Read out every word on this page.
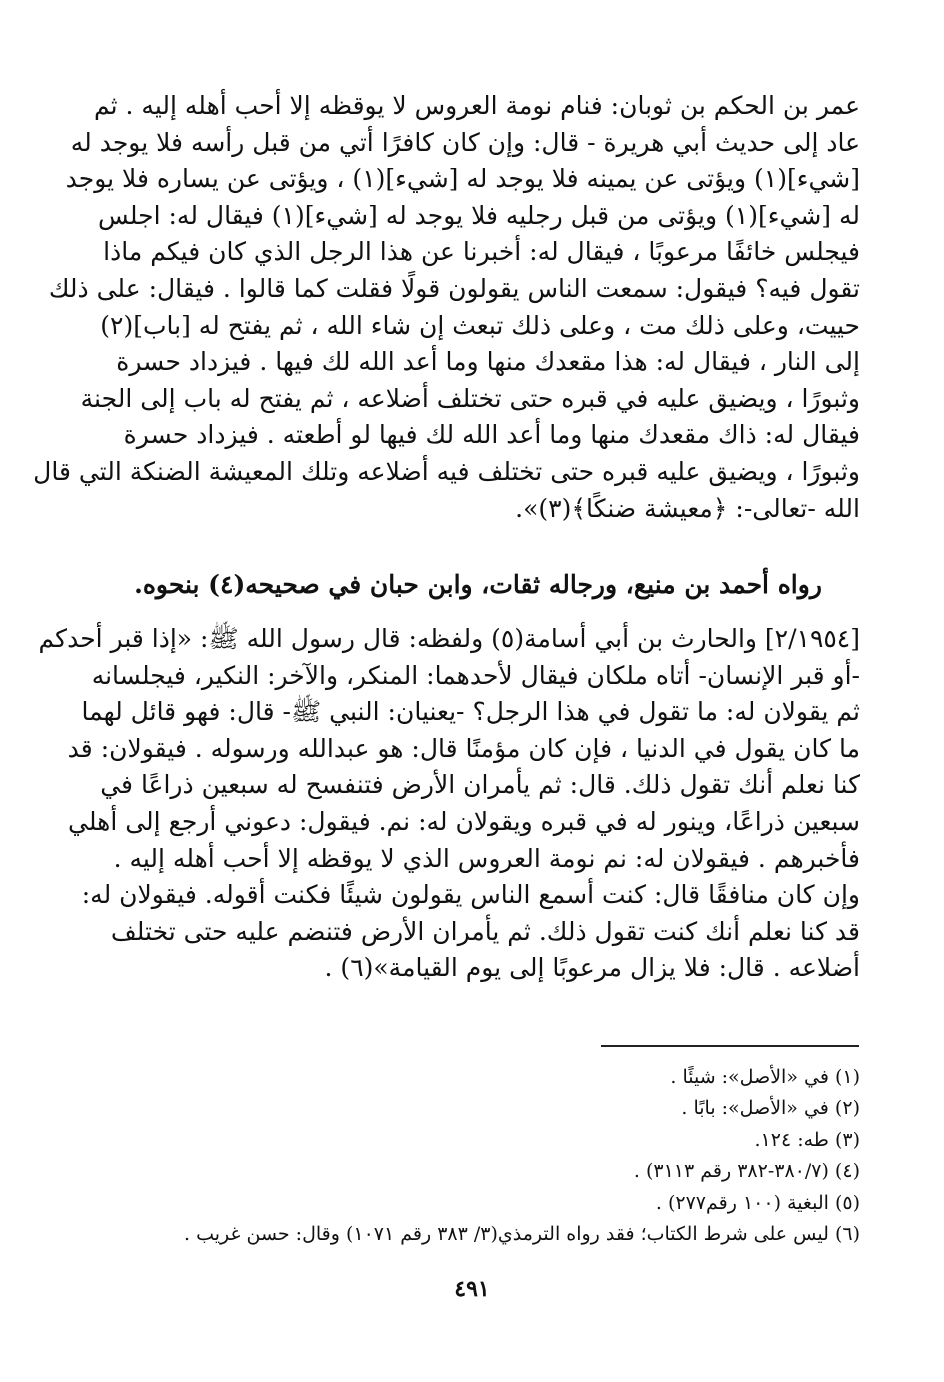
عمر بن الحكم بن ثوبان: فنام نومة العروس لا يوقظه إلا أحب أهله إليه . ثم
عاد إلى حديث أبي هريرة - قال: وإن كان كافرًا أتي من قبل رأسه فلا يوجد له
[شيء](١) ويؤتى عن يمينه فلا يوجد له [شيء](١) ، ويؤتى عن يساره فلا يوجد
له [شيء](١) ويؤتى من قبل رجليه فلا يوجد له [شيء](١) فيقال له: اجلس
فيجلس خائفًا مرعوبًا ، فيقال له: أخبرنا عن هذا الرجل الذي كان فيكم ماذا
تقول فيه؟ فيقول: سمعت الناس يقولون قولًا فقلت كما قالوا . فيقال: على ذلك
حييت، وعلى ذلك مت ، وعلى ذلك تبعث إن شاء الله ، ثم يفتح له [باب](٢)
إلى النار ، فيقال له: هذا مقعدك منها وما أعد الله لك فيها . فيزداد حسرة
وثبورًا ، ويضيق عليه في قبره حتى تختلف أضلاعه ، ثم يفتح له باب إلى الجنة
فيقال له: ذاك مقعدك منها وما أعد الله لك فيها لو أطعته . فيزداد حسرة
وثبورًا ، ويضيق عليه قبره حتى تختلف فيه أضلاعه وتلك المعيشة الضنكة التي قال
الله -تعالى-: ﴿معيشة ضنكًا﴾(٣)».
رواه أحمد بن منيع، ورجاله ثقات، وابن حبان في صحيحه(٤) بنحوه.
[٢/١٩٥٤] والحارث بن أبي أسامة(٥) ولفظه: قال رسول الله ﷺ: «إذا قبر أحدكم
-أو قبر الإنسان- أتاه ملكان فيقال لأحدهما: المنكر، والآخر: النكير، فيجلسانه
ثم يقولان له: ما تقول في هذا الرجل؟ -يعنيان: النبي ﷺ- قال: فهو قائل لهما
ما كان يقول في الدنيا ، فإن كان مؤمنًا قال: هو عبدالله ورسوله . فيقولان: قد
كنا نعلم أنك تقول ذلك. قال: ثم يأمران الأرض فتنفسح له سبعين ذراعًا في
سبعين ذراعًا، وينور له في قبره ويقولان له: نم. فيقول: دعوني أرجع إلى أهلي
فأخبرهم . فيقولان له: نم نومة العروس الذي لا يوقظه إلا أحب أهله إليه .
وإن كان منافقًا قال: كنت أسمع الناس يقولون شيئًا فكنت أقوله. فيقولان له:
قد كنا نعلم أنك كنت تقول ذلك. ثم يأمران الأرض فتنضم عليه حتى تختلف
أضلاعه . قال: فلا يزال مرعوبًا إلى يوم القيامة»(٦) .
(١) في «الأصل»: شيئًا .
(٢) في «الأصل»: بابًا .
(٣) طه: ١٢٤.
(٤) (٣٨٠/٧-٣٨٢ رقم ٣١١٣) .
(٥) البغية (١٠٠ رقم٢٧٧) .
(٦) ليس على شرط الكتاب؛ فقد رواه الترمذي(٣/ ٣٨٣ رقم ١٠٧١) وقال: حسن غريب .
٤٩١
